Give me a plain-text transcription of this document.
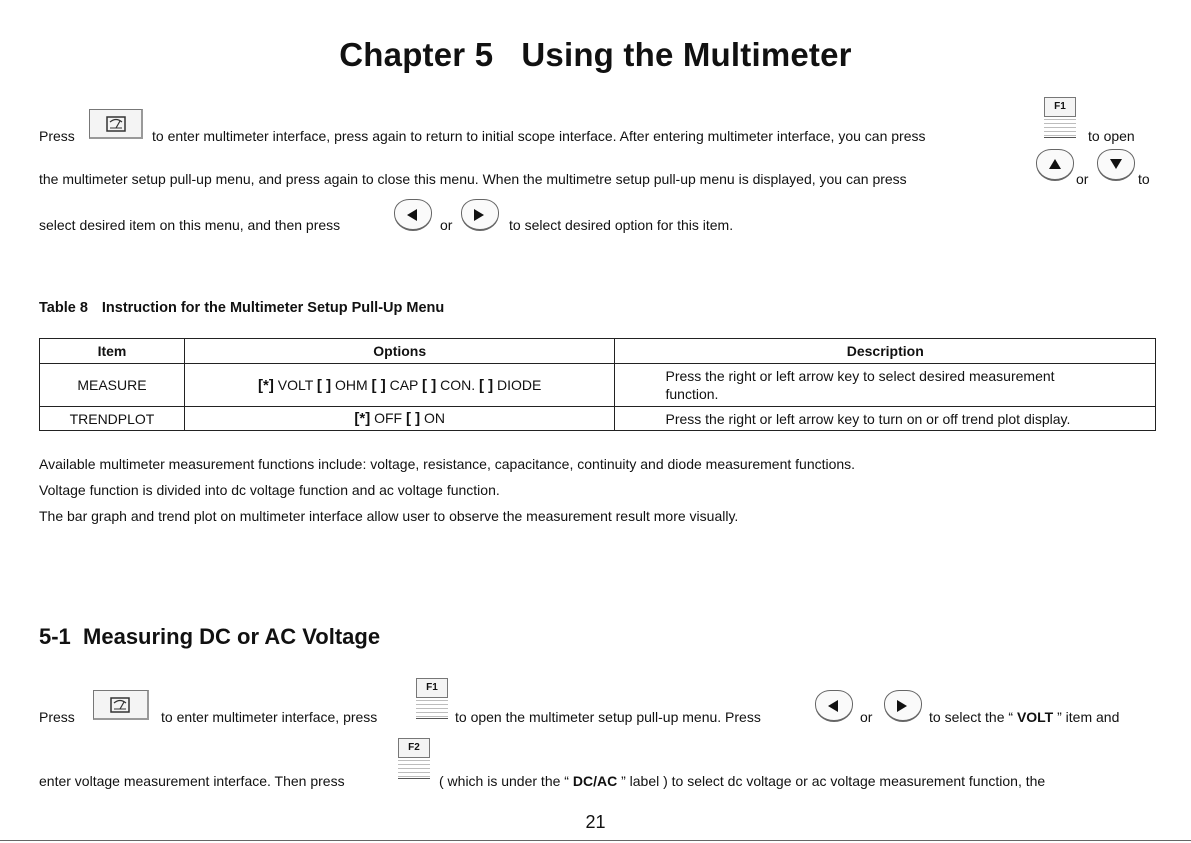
Chapter 5   Using the Multimeter
Press	to enter multimeter interface, press again to return to initial scope interface. After entering multimeter interface, you can press
F1
to open
the multimeter setup pull-up menu, and press again to close this menu. When the multimetre setup pull-up menu is displayed, you can press	or	to
select desired item on this menu, and then press	or	to select desired option for this item.
Table 8 Instruction for the Multimeter Setup Pull-Up Menu
Item	Options	Description
MEASURE	[*] VOLT [ ] OHM [ ] CAP [ ] CON. [ ] DIODE	Press the right or left arrow key to select desired measurement
function.

TRENDPLOT	[*] OFF [ ] ON	Press the right or left arrow key to turn on or off trend plot display.
Available multimeter measurement functions include: voltage, resistance, capacitance, continuity and diode measurement functions.
Voltage function is divided into dc voltage function and ac voltage function.
The bar graph and trend plot on multimeter interface allow user to observe the measurement result more visually.
5-1  Measuring DC or AC Voltage
Press	to enter multimeter interface, press
F1
to open the multimeter setup pull-up menu. Press	or	to select the “ VOLT ” item and
enter voltage measurement interface. Then press
F2
( which is under the “ DC/AC ” label ) to select dc voltage or ac voltage measurement function, the
21
